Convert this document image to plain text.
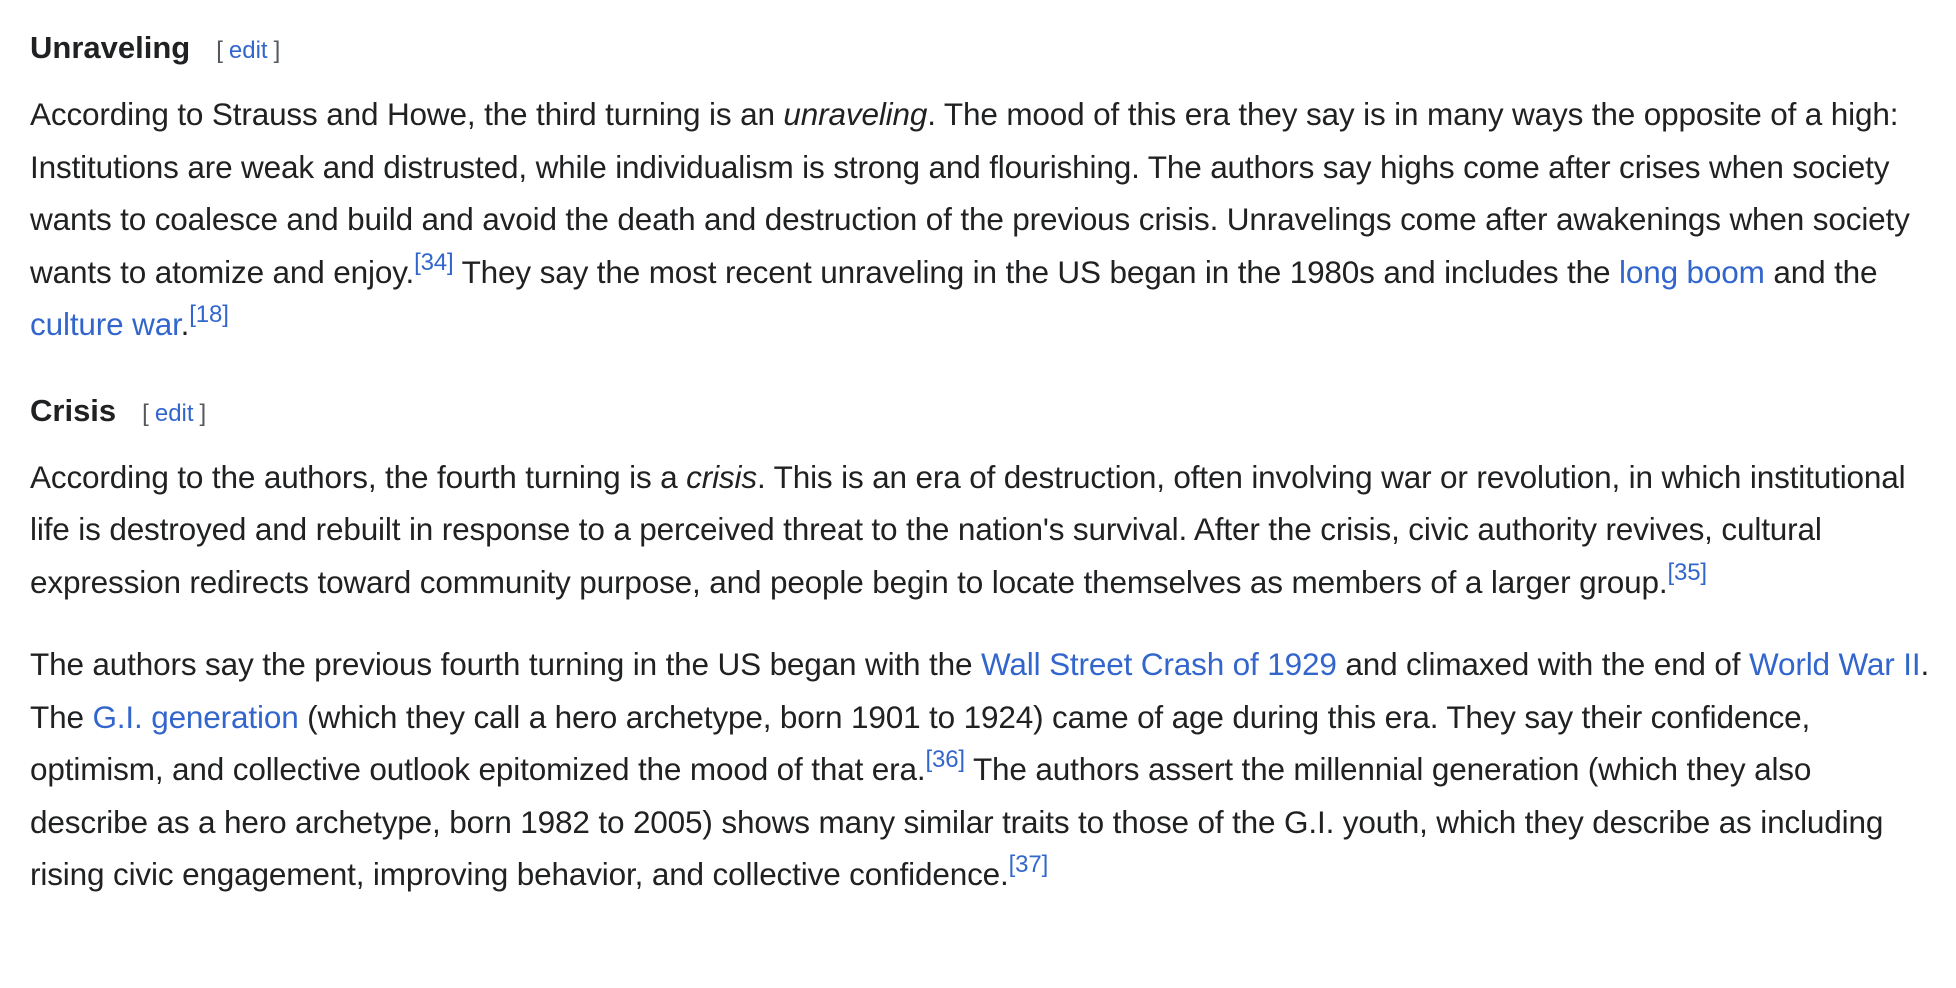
Unraveling [ edit ]

According to Strauss and Howe, the third turning is an unraveling. The mood of this era they say is in many ways the opposite of a high: Institutions are weak and distrusted, while individualism is strong and flourishing. The authors say highs come after crises when society wants to coalesce and build and avoid the death and destruction of the previous crisis. Unravelings come after awakenings when society wants to atomize and enjoy.[34] They say the most recent unraveling in the US began in the 1980s and includes the long boom and the culture war.[18]

Crisis [ edit ]

According to the authors, the fourth turning is a crisis. This is an era of destruction, often involving war or revolution, in which institutional life is destroyed and rebuilt in response to a perceived threat to the nation's survival. After the crisis, civic authority revives, cultural expression redirects toward community purpose, and people begin to locate themselves as members of a larger group.[35]

The authors say the previous fourth turning in the US began with the Wall Street Crash of 1929 and climaxed with the end of World War II. The G.I. generation (which they call a hero archetype, born 1901 to 1924) came of age during this era. They say their confidence, optimism, and collective outlook epitomized the mood of that era.[36] The authors assert the millennial generation (which they also describe as a hero archetype, born 1982 to 2005) shows many similar traits to those of the G.I. youth, which they describe as including rising civic engagement, improving behavior, and collective confidence.[37]
